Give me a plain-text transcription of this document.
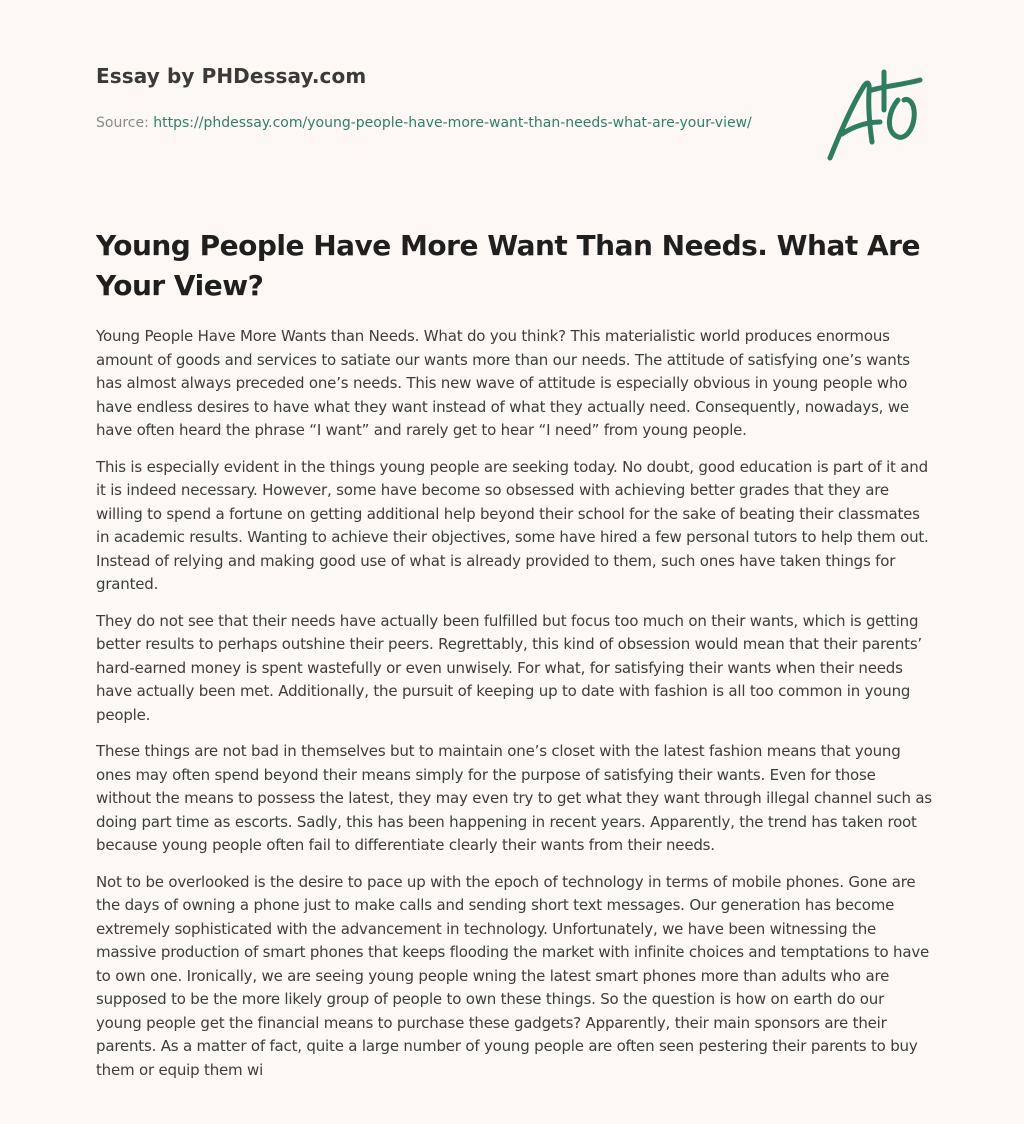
Essay by PHDessay.com
Source: https://phdessay.com/young-people-have-more-want-than-needs-what-are-your-view/
Young People Have More Want Than Needs. What Are Your View?

Young People Have More Wants than Needs. What do you think? This materialistic world produces enormous amount of goods and services to satiate our wants more than our needs. The attitude of satisfying one’s wants has almost always preceded one’s needs. This new wave of attitude is especially obvious in young people who have endless desires to have what they want instead of what they actually need. Consequently, nowadays, we have often heard the phrase “I want” and rarely get to hear “I need” from young people.

This is especially evident in the things young people are seeking today. No doubt, good education is part of it and it is indeed necessary. However, some have become so obsessed with achieving better grades that they are willing to spend a fortune on getting additional help beyond their school for the sake of beating their classmates in academic results. Wanting to achieve their objectives, some have hired a few personal tutors to help them out. Instead of relying and making good use of what is already provided to them, such ones have taken things for granted.

They do not see that their needs have actually been fulfilled but focus too much on their wants, which is getting better results to perhaps outshine their peers. Regrettably, this kind of obsession would mean that their parents’ hard-earned money is spent wastefully or even unwisely. For what, for satisfying their wants when their needs have actually been met. Additionally, the pursuit of keeping up to date with fashion is all too common in young people.

These things are not bad in themselves but to maintain one’s closet with the latest fashion means that young ones may often spend beyond their means simply for the purpose of satisfying their wants. Even for those without the means to possess the latest, they may even try to get what they want through illegal channel such as doing part time as escorts. Sadly, this has been happening in recent years. Apparently, the trend has taken root because young people often fail to differentiate clearly their wants from their needs.

Not to be overlooked is the desire to pace up with the epoch of technology in terms of mobile phones. Gone are the days of owning a phone just to make calls and sending short text messages. Our generation has become extremely sophisticated with the advancement in technology. Unfortunately, we have been witnessing the massive production of smart phones that keeps flooding the market with infinite choices and temptations to have to own one. Ironically, we are seeing young people wning the latest smart phones more than adults who are supposed to be the more likely group of people to own these things. So the question is how on earth do our young people get the financial means to purchase these gadgets? Apparently, their main sponsors are their parents. As a matter of fact, quite a large number of young people are often seen pestering their parents to buy them or equip them wi
